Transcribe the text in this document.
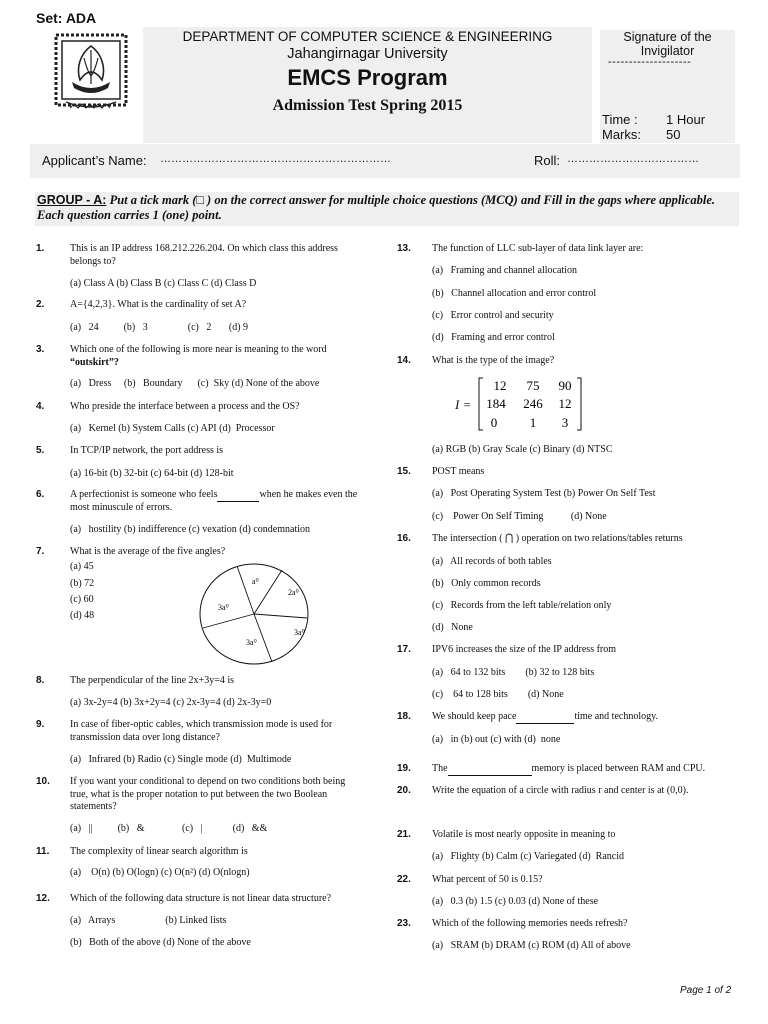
Set: ADA
DEPARTMENT OF COMPUTER SCIENCE & ENGINEERING
Jahangirnagar University
EMCS Program
Admission Test Spring 2015
Signature of the Invigilator
--------------------
Time : 1 Hour
Marks: 50
Applicant’s Name: ………………………………………………………	Roll: ………………………………
GROUP - A: Put a tick mark (□ ) on the correct answer for multiple choice questions (MCQ) and Fill in the gaps where applicable. Each question carries 1 (one) point.
1.	This is an IP address 168.212.226.204. On which class this address belongs to?
(a) Class A (b) Class B (c) Class C (d) Class D
2.	A={4,2,3}. What is the cardinality of set A?
(a)   24          (b)   3                (c)   2       (d) 9
3.	Which one of the following is more near is meaning to the word “outskirt”?
(a)   Dress     (b)   Boundary      (c)  Sky (d) None of the above
4.	Who preside the interface between a process and the OS?
(a)   Kernel (b) System Calls (c) API (d)  Processor
5.	In TCP/IP network, the port address is
(a) 16-bit (b) 32-bit (c) 64-bit (d) 128-bit
6.	A perfectionist is someone who feels	when he makes even the most minuscule of errors.
(a)   hostility (b) indifference (c) vexation (d) condemnation
7.	What is the average of the five angles?
(a) 45
(b) 72
(c) 60
(d) 48
a⁰
2a⁰
3a⁰
3a⁰
3a⁰
8.	The perpendicular of the line 2x+3y=4 is
(a) 3x-2y=4 (b) 3x+2y=4 (c) 2x-3y=4 (d) 2x-3y=0
9.	In case of fiber-optic cables, which transmission mode is used for transmission data over long distance?
(a)   Infrared (b) Radio (c) Single mode (d)  Multimode
10. If you want your conditional to depend on two conditions both being true, what is the proper notation to put between the two Boolean statements?
(a)   ||          (b)   &               (c)   |            (d)   &&
11. The complexity of linear search algorithm is
(a) O(n) (b) O(logn) (c) O(n²) (d) O(nlogn)
12. Which of the following data structure is not linear data structure?
(a)   Arrays                    (b) Linked lists
(b)   Both of the above (d) None of the above
13. The function of LLC sub-layer of data link layer are:
(a)   Framing and channel allocation
(b)   Channel allocation and error control
(c)   Error control and security
(d)   Framing and error control
14. What is the type of the image?
I =
12 75 90
184 246 12
0	1 3
(a) RGB (b) Gray Scale (c) Binary (d) NTSC
15. POST means
(a)   Post Operating System Test (b) Power On Self Test
(c)    Power On Self Timing           (d) None
16. The intersection ( ⋂ ) operation on two relations/tables returns
(a)   All records of both tables
(b)   Only common records
(c)   Records from the left table/relation only
(d)   None
17. IPV6 increases the size of the IP address from
(a)   64 to 132 bits        (b) 32 to 128 bits
(c)    64 to 128 bits        (d) None
18. We should keep pace	time and technology.
(a)   in (b) out (c) with (d)  none
19. The	memory is placed between RAM and CPU.
20. Write the equation of a circle with radius r and center is at (0,0).
21. Volatile is most nearly opposite in meaning to
(a)   Flighty (b) Calm (c) Variegated (d)  Rancid
22. What percent of 50 is 0.15?
(a)   0.3 (b) 1.5 (c) 0.03 (d) None of these
23. Which of the following memories needs refresh?
(a)   SRAM (b) DRAM (c) ROM (d) All of above
Page 1 of 2
